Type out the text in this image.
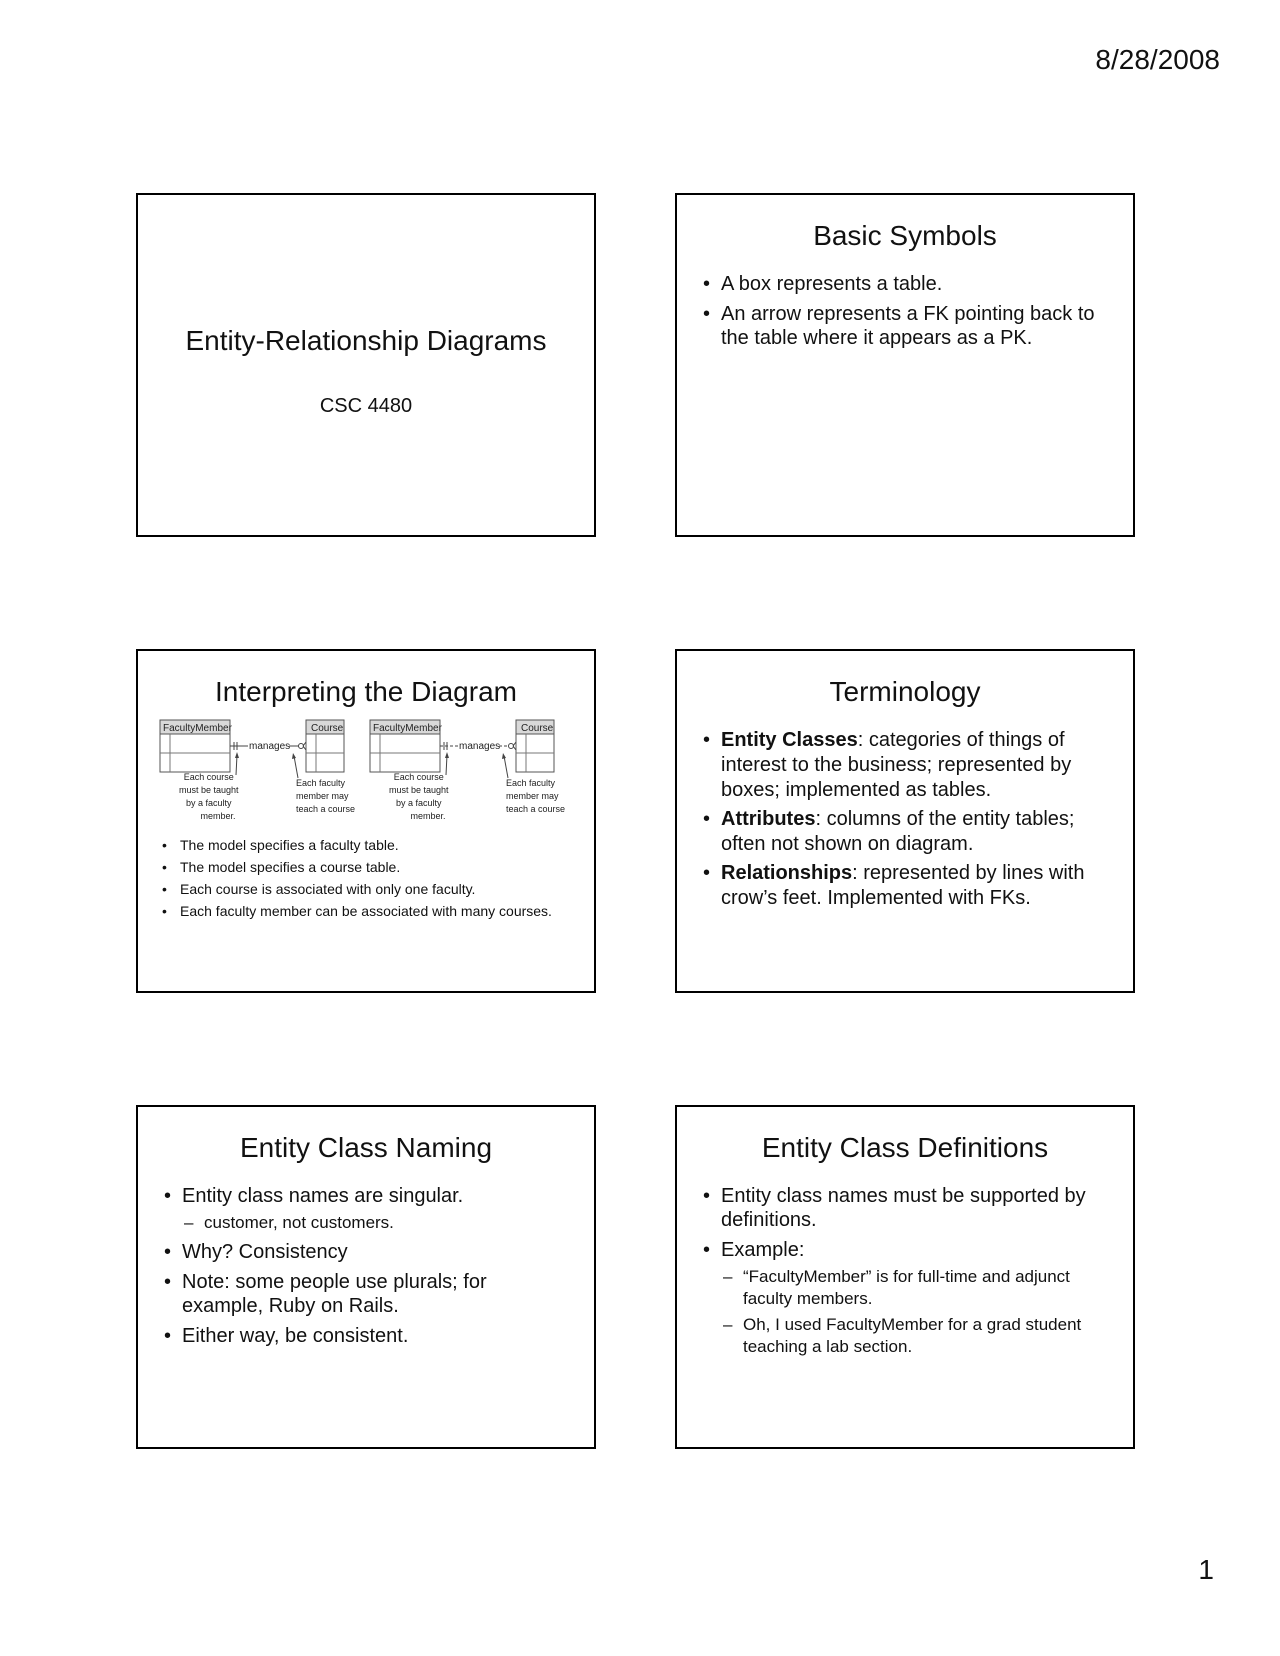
8/28/2008
Entity-Relationship Diagrams
CSC 4480
Basic Symbols
• A box represents a table.
• An arrow represents a FK pointing back to the table where it appears as a PK.
Interpreting the Diagram
FacultyMember	Course
manages
Each course must be taught by a faculty member.
Each faculty member may teach a course
FacultyMember	Course
manages
Each course must be taught by a faculty member.
Each faculty member may teach a course
• The model specifies a faculty table.
• The model specifies a course table.
• Each course is associated with only one faculty.
• Each faculty member can be associated with many courses.
Terminology
• Entity Classes: categories of things of interest to the business; represented by boxes; implemented as tables.
• Attributes: columns of the entity tables; often not shown on diagram.
• Relationships: represented by lines with crow’s feet. Implemented with FKs.
Entity Class Naming
• Entity class names are singular.
– customer, not customers.
• Why? Consistency
• Note: some people use plurals; for example, Ruby on Rails.
• Either way, be consistent.
Entity Class Definitions
• Entity class names must be supported by definitions.
• Example:
– “FacultyMember” is for full-time and adjunct faculty members.
– Oh, I used FacultyMember for a grad student teaching a lab section.
1
